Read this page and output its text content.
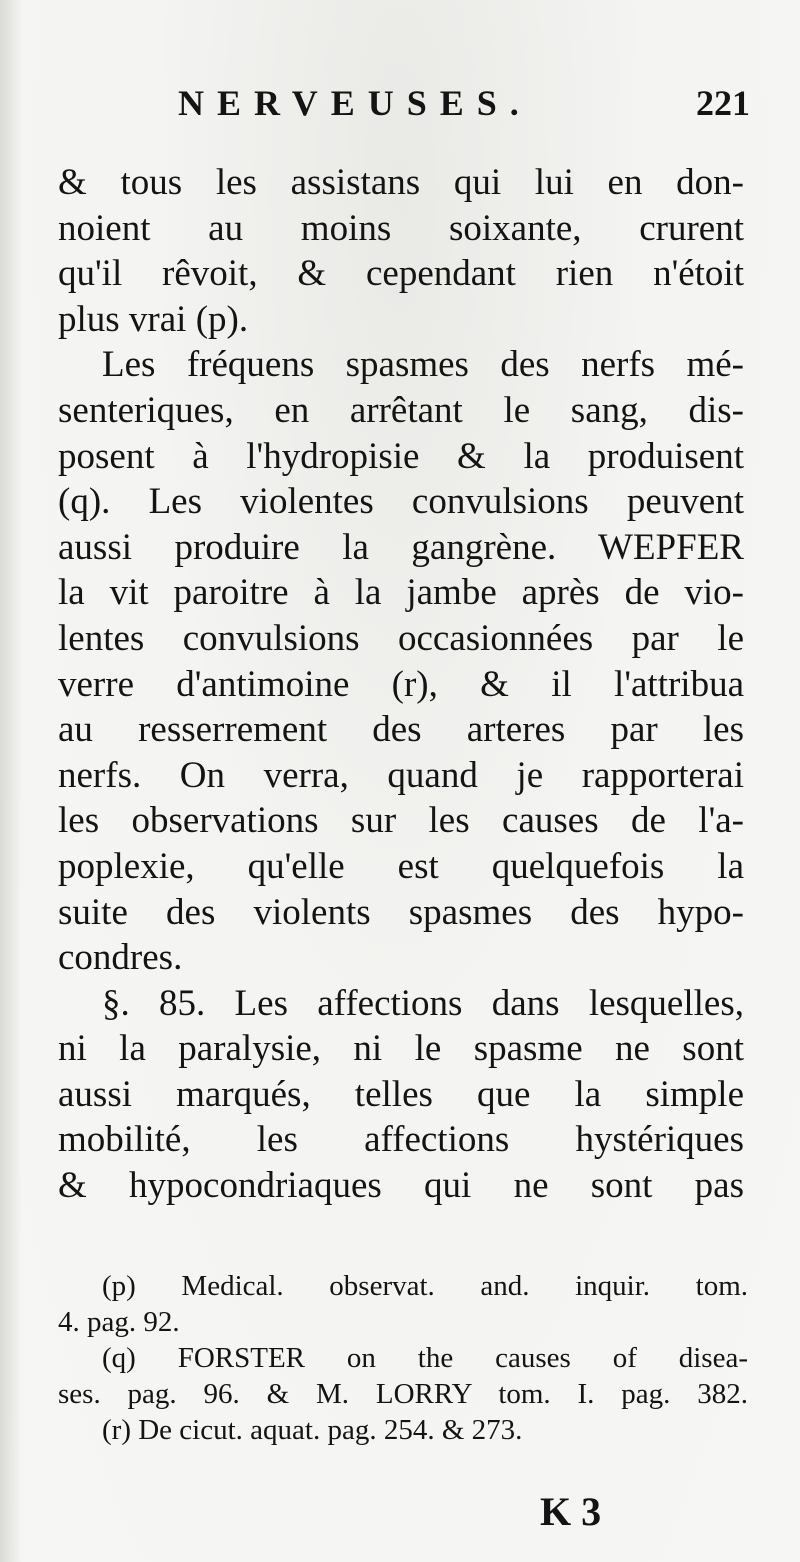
NERVEUSES.	221
& tous les assistans qui lui en don-
noient au moins soixante, crurent
qu'il rêvoit, & cependant rien n'étoit
plus vrai (p).
Les fréquens spasmes des nerfs mé-
senteriques, en arrêtant le sang, dis-
posent à l'hydropisie & la produisent
(q). Les violentes convulsions peuvent
aussi produire la gangrène. WEPFER
la vit paroitre à la jambe après de vio-
lentes convulsions occasionnées par le
verre d'antimoine (r), & il l'attribua
au resserrement des arteres par les
nerfs. On verra, quand je rapporterai
les observations sur les causes de l'a-
poplexie, qu'elle est quelquefois la
suite des violents spasmes des hypo-
condres.
§. 85. Les affections dans lesquelles,
ni la paralysie, ni le spasme ne sont
aussi marqués, telles que la simple
mobilité, les affections hystériques
& hypocondriaques qui ne sont pas
(p) Medical. observat. and. inquir. tom.
4. pag. 92.
(q) FORSTER on the causes of disea-
ses. pag. 96. & M. LORRY tom. I. pag. 382.
(r) De cicut. aquat. pag. 254. & 273.
K 3
